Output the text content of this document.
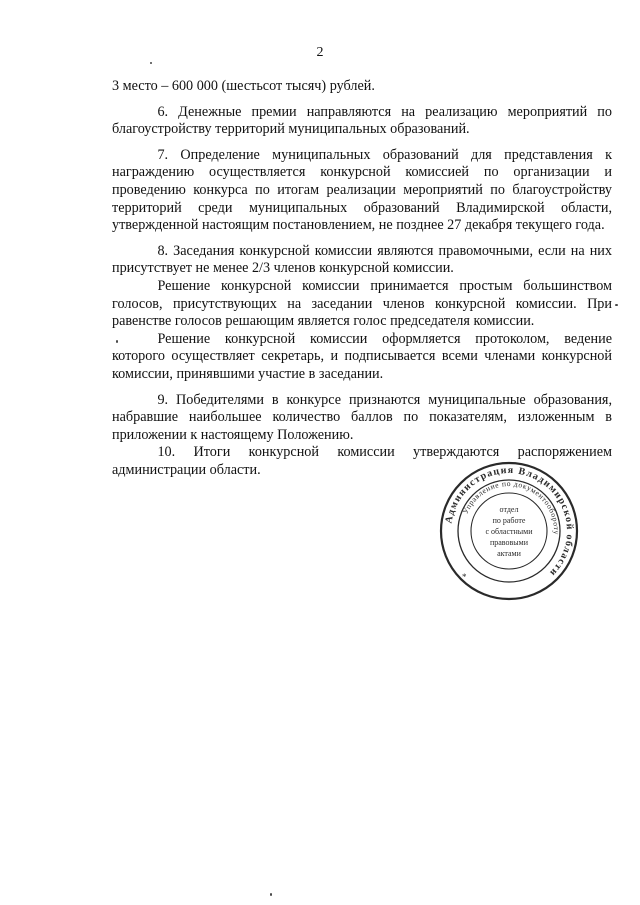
2

3 место – 600 000 (шестьсот тысяч) рублей.

6. Денежные премии направляются на реализацию мероприятий по благоустройству территорий муниципальных образований.

7. Определение муниципальных образований для представления к награждению осуществляется конкурсной комиссией по организации и проведению конкурса по итогам реализации мероприятий по благоустройству территорий среди муниципальных образований Владимирской области, утвержденной настоящим постановлением, не позднее 27 декабря текущего года.

8. Заседания конкурсной комиссии являются правомочными, если на них присутствует не менее 2/3 членов конкурсной комиссии.

Решение конкурсной комиссии принимается простым большинством голосов, присутствующих на заседании членов конкурсной комиссии. При равенстве голосов решающим является голос председателя комиссии.

Решение конкурсной комиссии оформляется протоколом, ведение которого осуществляет секретарь, и подписывается всеми членами конкурсной комиссии, принявшими участие в заседании.

9. Победителями в конкурсе признаются муниципальные образования, набравшие наибольшее количество баллов по показателям, изложенным в приложении к настоящему Положению.

10. Итоги конкурсной комиссии утверждаются распоряжением администрации области.

Администрация Владимирской области
Управление по документообороту
отдел
по работе
с областными
правовыми
актами
*
